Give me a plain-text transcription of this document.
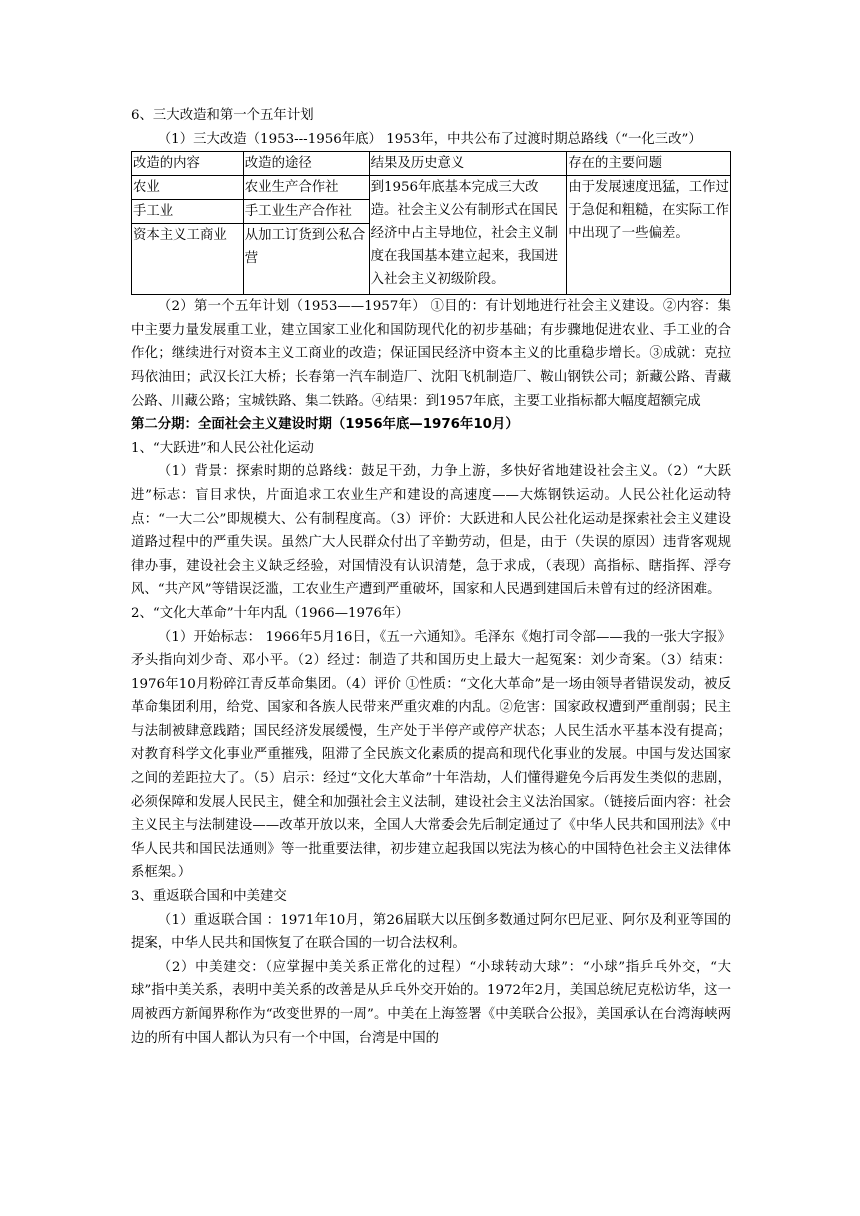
6、三大改造和第一个五年计划

（1）三大改造（1953---1956年底） 1953年，中共公布了过渡时期总路线（“一化三改”）

改造的内容	改造的途径	结果及历史意义	存在的主要问题
农业	农业生产合作社	到1956年底基本完成三大改造。社会主义公有制形式在国民经济中占主导地位，社会主义制度在我国基本建立起来，我国进入社会主义初级阶段。	由于发展速度迅猛，工作过于急促和粗糙，在实际工作中出现了一些偏差。
手工业	手工业生产合作社		
资本主义工商业	从加工订货到公私合营		

（2）第一个五年计划（1953——1957年） ①目的：有计划地进行社会主义建设。②内容：集中主要力量发展重工业，建立国家工业化和国防现代化的初步基础；有步骤地促进农业、手工业的合作化；继续进行对资本主义工商业的改造；保证国民经济中资本主义的比重稳步增长。③成就：克拉玛依油田；武汉长江大桥；长春第一汽车制造厂、沈阳飞机制造厂、鞍山钢铁公司；新藏公路、青藏公路、川藏公路；宝城铁路、集二铁路。④结果：到1957年底，主要工业指标都大幅度超额完成

第二分期：全面社会主义建设时期（1956年底—1976年10月）

1、“大跃进”和人民公社化运动

（1）背景：探索时期的总路线：鼓足干劲，力争上游，多快好省地建设社会主义。（2）“大跃进”标志：盲目求快，片面追求工农业生产和建设的高速度——大炼钢铁运动。人民公社化运动特点：“一大二公”即规模大、公有制程度高。（3）评价：大跃进和人民公社化运动是探索社会主义建设道路过程中的严重失误。虽然广大人民群众付出了辛勤劳动，但是，由于（失误的原因）违背客观规律办事，建设社会主义缺乏经验，对国情没有认识清楚，急于求成，（表现）高指标、瞎指挥、浮夸风、“共产风”等错误泛滥，工农业生产遭到严重破坏，国家和人民遇到建国后未曾有过的经济困难。

2、“文化大革命”十年内乱（1966—1976年）

（1）开始标志： 1966年5月16日，《五一六通知》。毛泽东《炮打司令部——我的一张大字报》矛头指向刘少奇、邓小平。（2）经过：制造了共和国历史上最大一起冤案：刘少奇案。（3）结束：1976年10月粉碎江青反革命集团。（4）评价 ①性质：“文化大革命”是一场由领导者错误发动，被反革命集团利用，给党、国家和各族人民带来严重灾难的内乱。②危害：国家政权遭到严重削弱；民主与法制被肆意践踏；国民经济发展缓慢，生产处于半停产或停产状态；人民生活水平基本没有提高；对教育科学文化事业严重摧残，阻滞了全民族文化素质的提高和现代化事业的发展。中国与发达国家之间的差距拉大了。（5）启示：经过“文化大革命”十年浩劫，人们懂得避免今后再发生类似的悲剧，必须保障和发展人民民主，健全和加强社会主义法制，建设社会主义法治国家。（链接后面内容：社会主义民主与法制建设——改革开放以来，全国人大常委会先后制定通过了《中华人民共和国刑法》《中华人民共和国民法通则》等一批重要法律，初步建立起我国以宪法为核心的中国特色社会主义法律体系框架。）

3、重返联合国和中美建交

（1）重返联合国 ：1971年10月，第26届联大以压倒多数通过阿尔巴尼亚、阿尔及利亚等国的提案，中华人民共和国恢复了在联合国的一切合法权利。

（2）中美建交：（应掌握中美关系正常化的过程）“小球转动大球”：“小球”指乒乓外交，“大球”指中美关系，表明中美关系的改善是从乒乓外交开始的。1972年2月，美国总统尼克松访华，这一周被西方新闻界称作为“改变世界的一周”。中美在上海签署《中美联合公报》，美国承认在台湾海峡两边的所有中国人都认为只有一个中国，台湾是中国的
